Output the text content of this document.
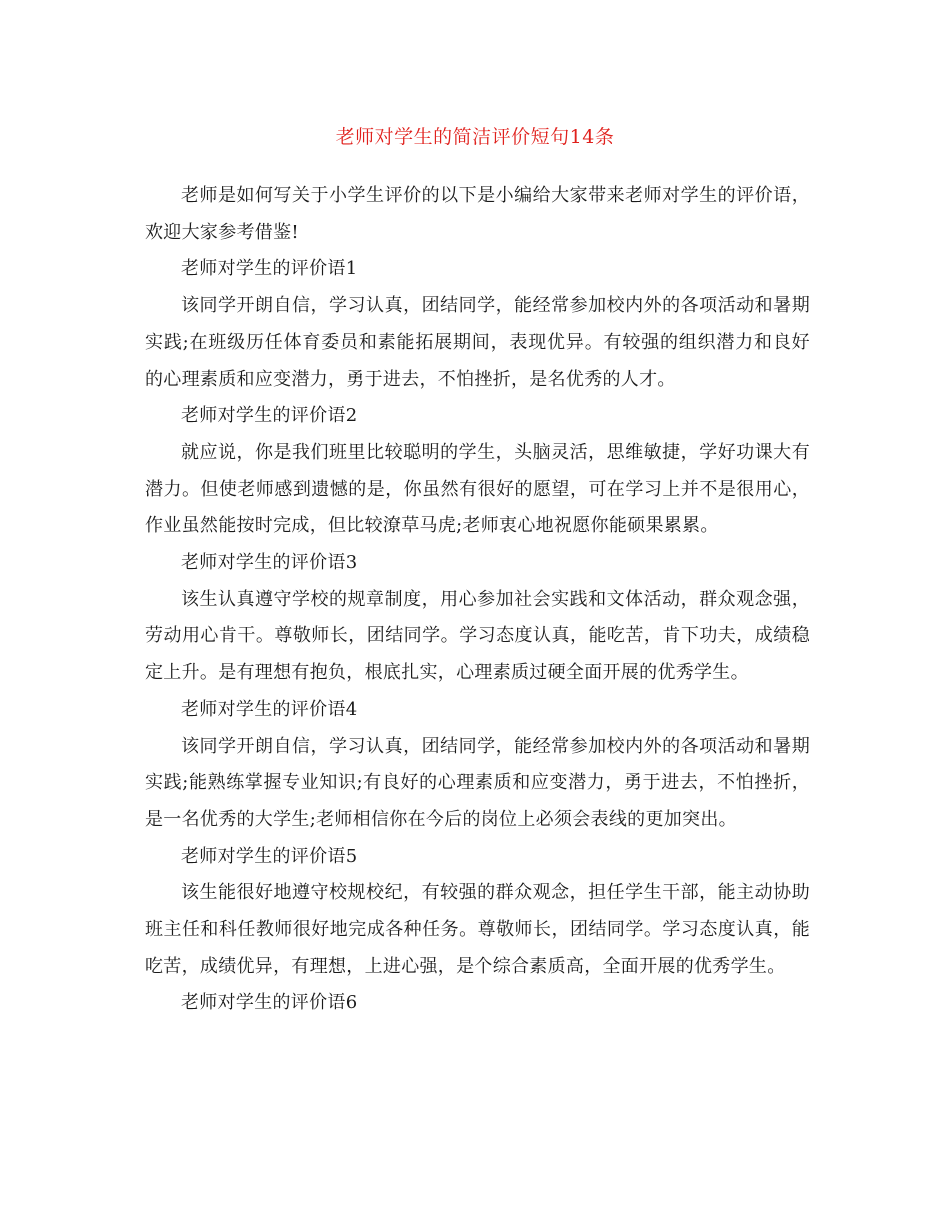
老师对学生的简洁评价短句14条

老师是如何写关于小学生评价的以下是小编给大家带来老师对学生的评价语，欢迎大家参考借鉴!

老师对学生的评价语1

该同学开朗自信，学习认真，团结同学，能经常参加校内外的各项活动和暑期实践;在班级历任体育委员和素能拓展期间，表现优异。有较强的组织潜力和良好的心理素质和应变潜力，勇于进去，不怕挫折，是名优秀的人才。

老师对学生的评价语2

就应说，你是我们班里比较聪明的学生，头脑灵活，思维敏捷，学好功课大有潜力。但使老师感到遗憾的是，你虽然有很好的愿望，可在学习上并不是很用心，作业虽然能按时完成，但比较潦草马虎;老师衷心地祝愿你能硕果累累。

老师对学生的评价语3

该生认真遵守学校的规章制度，用心参加社会实践和文体活动，群众观念强，劳动用心肯干。尊敬师长，团结同学。学习态度认真，能吃苦，肯下功夫，成绩稳定上升。是有理想有抱负，根底扎实，心理素质过硬全面开展的优秀学生。

老师对学生的评价语4

该同学开朗自信，学习认真，团结同学，能经常参加校内外的各项活动和暑期实践;能熟练掌握专业知识;有良好的心理素质和应变潜力，勇于进去，不怕挫折，是一名优秀的大学生;老师相信你在今后的岗位上必须会表线的更加突出。

老师对学生的评价语5

该生能很好地遵守校规校纪，有较强的群众观念，担任学生干部，能主动协助班主任和科任教师很好地完成各种任务。尊敬师长，团结同学。学习态度认真，能吃苦，成绩优异，有理想，上进心强，是个综合素质高，全面开展的优秀学生。

老师对学生的评价语6
